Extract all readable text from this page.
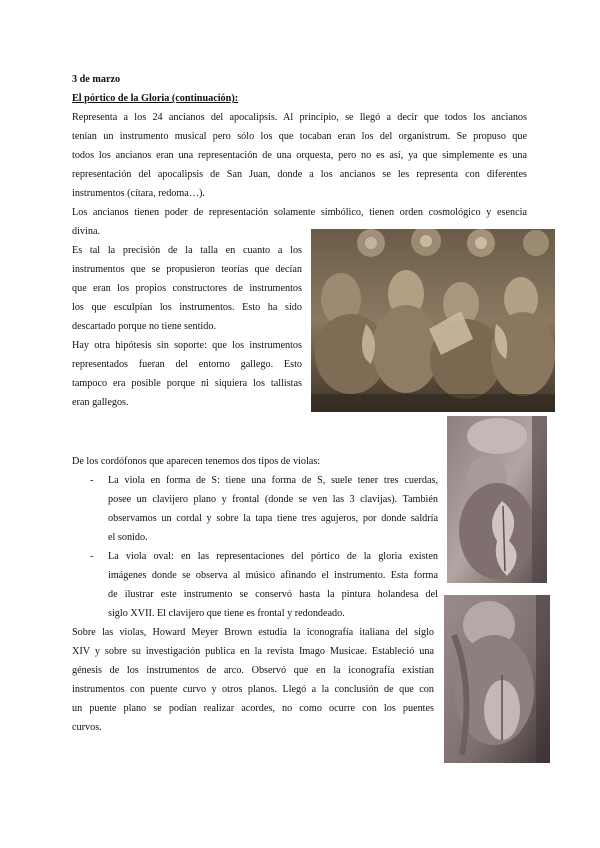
3 de marzo
El pórtico de la Gloria (continuación):
Representa a los 24 ancianos del apocalipsis. Al principio, se llegó a decir que todos los ancianos
tenían un instrumento musical pero sólo los que tocaban eran los del organistrum. Se propuso que
todos los ancianos eran una representación de una orquesta, pero no es así, ya que simplemente es una
representación del apocalipsis de San Juan, donde a los ancianos se les representa con diferentes
instrumentos (cítara, redoma…).
Los ancianos tienen poder de representación solamente simbólico, tienen orden cosmológico y esencia
divina.
Es tal la precisión de la talla en cuanto a los
instrumentos que se propusieron teorías que decían
que eran los propios constructores de instrumentos
los que esculpían los instrumentos. Esto ha sido
descartado porque no tiene sentido.
Hay otra hipótesis sin soporte: que los instrumentos
representados fueran del entorno gallego. Esto
tampoco era posible porque ni siquiera los tallistas
eran gallegos.
De los cordófonos que aparecen tenemos dos tipos de violas:
- La viola en forma de S: tiene una forma de S, suele tener tres cuerdas,
posee un clavijero plano y frontal (donde se ven las 3 clavijas). También
observamos un cordal y sobre la tapa tiene tres agujeros, por donde saldría
el sonido.
- La viola oval: en las representaciones del pórtico de la gloria existen
imágenes donde se observa al músico afinando el instrumento. Esta forma
de ilustrar este instrumento se conservó hasta la pintura holandesa del
siglo XVII. El clavijero que tiene es frontal y redondeado.
Sobre las violas, Howard Meyer Brown estudia la iconografía italiana del siglo
XIV y sobre su investigación publica en la revista Imago Musicae. Estableció una
génesis de los instrumentos de arco. Observó que en la iconografía existían
instrumentos con puente curvo y otros planos. Llegó a la conclusión de que con
un puente plano se podían realizar acordes, no como ocurre con los puentes
curvos.
